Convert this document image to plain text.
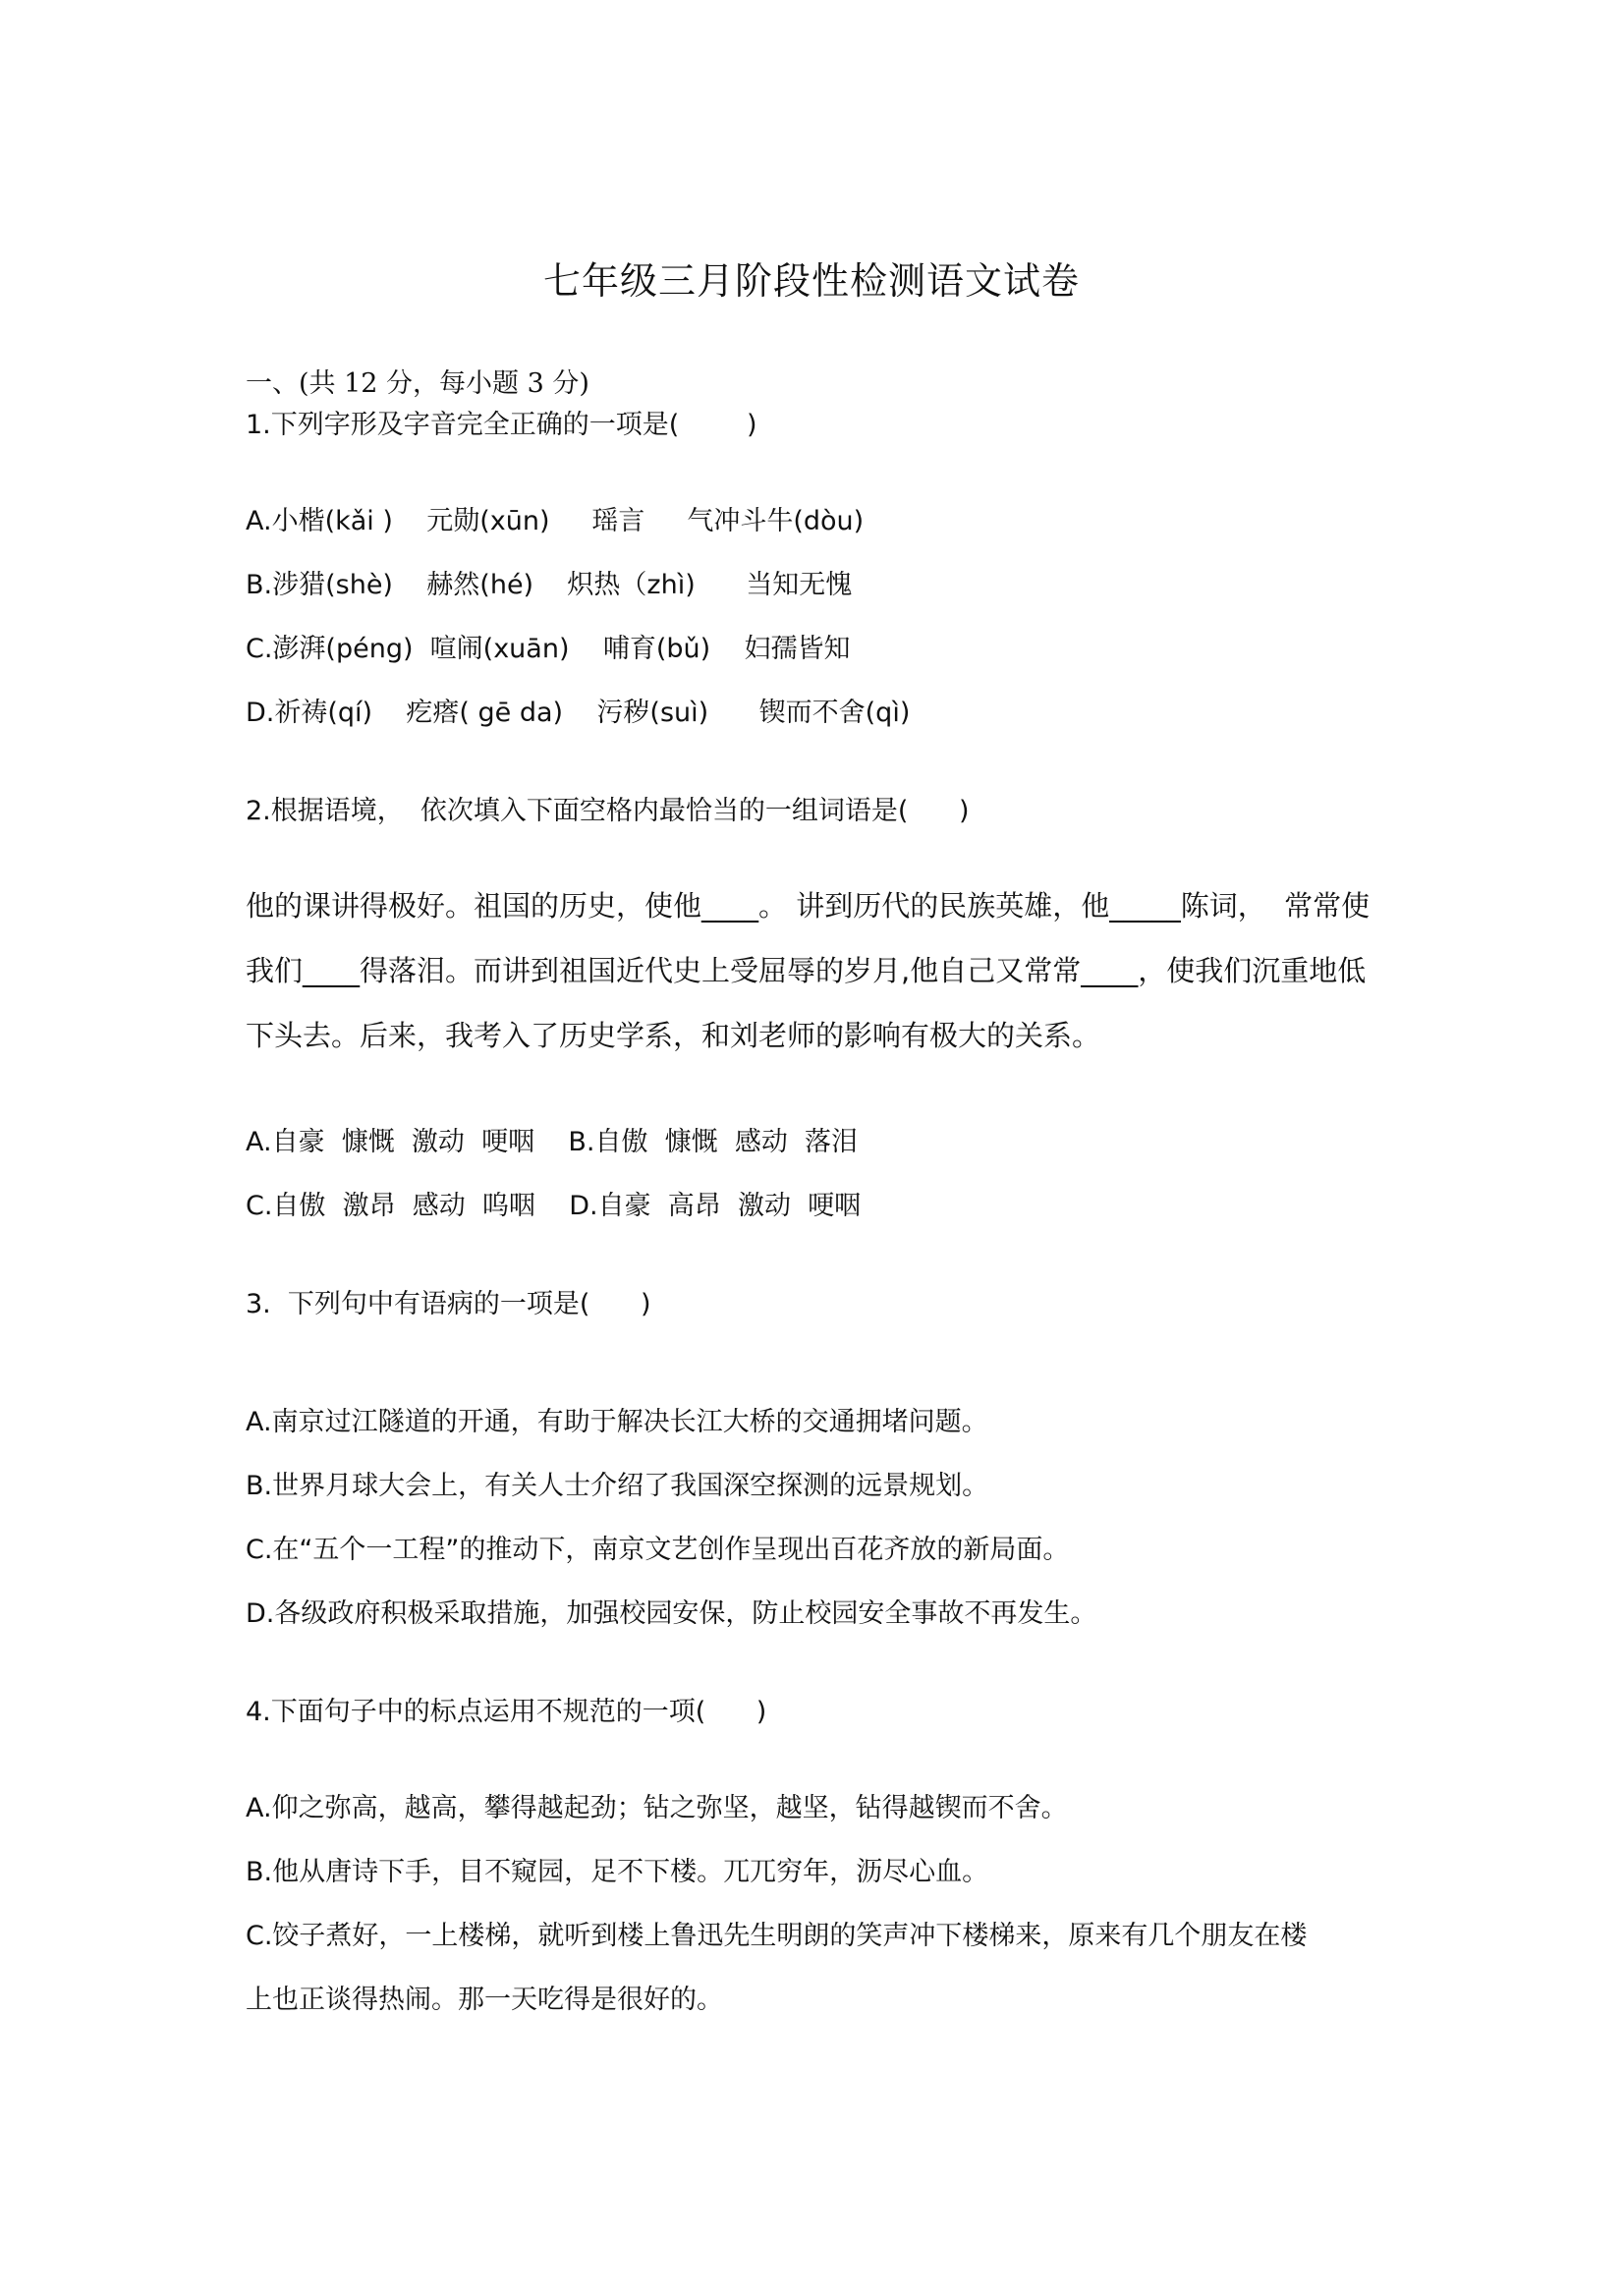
七年级三月阶段性检测语文试卷
一、(共 12 分，每小题 3 分)
1.下列字形及字音完全正确的一项是(        )
A.小楷(kǎi )    元勋(xūn)     瑶言     气冲斗牛(dòu)
B.涉猎(shè)    赫然(hé)    炽热（zhì)      当知无愧
C.澎湃(péng)  喧闹(xuān)    哺育(bǔ)    妇孺皆知
D.祈祷(qí)    疙瘩( gē da)    污秽(suì)      锲而不舍(qì)
2.根据语境，  依次填入下面空格内最恰当的一组词语是(      )
他的课讲得极好。祖国的历史，使他____。 讲到历代的民族英雄，他_____陈词，  常常使
我们____得落泪。而讲到祖国近代史上受屈辱的岁月,他自己又常常____，使我们沉重地低
下头去。后来，我考入了历史学系，和刘老师的影响有极大的关系。
A.自豪  慷慨  激动  哽咽    B.自傲  慷慨  感动  落泪
C.自傲  激昂  感动  呜咽    D.自豪  高昂  激动  哽咽
3.  下列句中有语病的一项是(      )
A.南京过江隧道的开通，有助于解决长江大桥的交通拥堵问题。
B.世界月球大会上，有关人士介绍了我国深空探测的远景规划。
C.在“五个一工程”的推动下，南京文艺创作呈现出百花齐放的新局面。
D.各级政府积极采取措施，加强校园安保，防止校园安全事故不再发生。
4.下面句子中的标点运用不规范的一项(      )
A.仰之弥高，越高，攀得越起劲；钻之弥坚，越坚，钻得越锲而不舍。
B.他从唐诗下手，目不窥园，足不下楼。兀兀穷年，沥尽心血。
C.饺子煮好，一上楼梯，就听到楼上鲁迅先生明朗的笑声冲下楼梯来，原来有几个朋友在楼
上也正谈得热闹。那一天吃得是很好的。
